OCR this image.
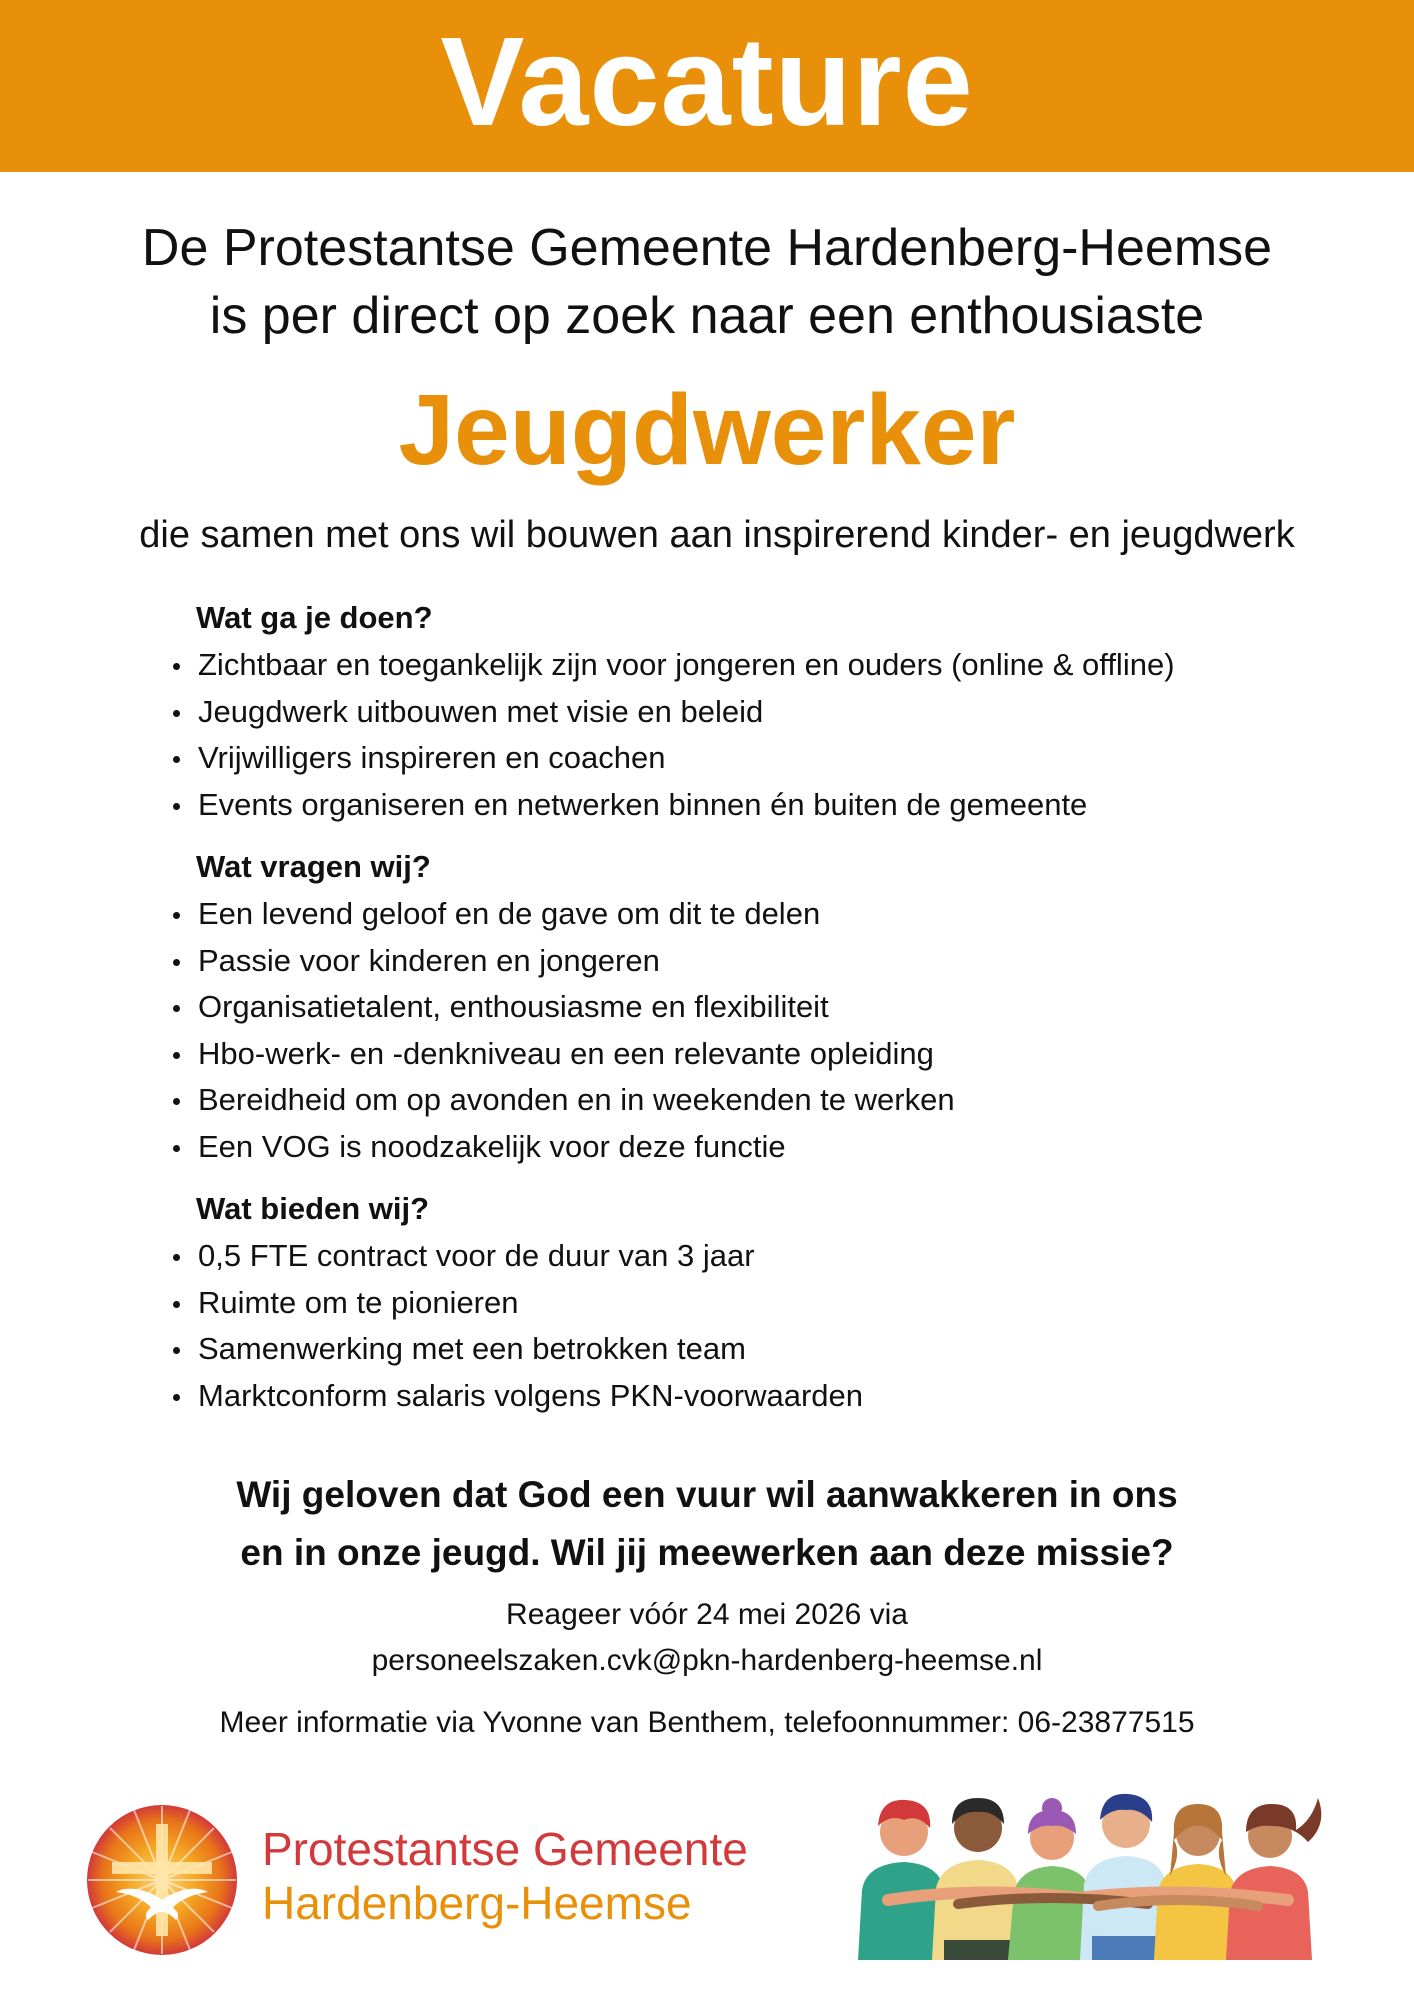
Vacature
De Protestantse Gemeente Hardenberg-Heemse
is per direct op zoek naar een enthousiaste
Jeugdwerker
die samen met ons wil bouwen aan inspirerend kinder- en jeugdwerk
Wat ga je doen?
Zichtbaar en toegankelijk zijn voor jongeren en ouders (online & offline)
Jeugdwerk uitbouwen met visie en beleid
Vrijwilligers inspireren en coachen
Events organiseren en netwerken binnen én buiten de gemeente
Wat vragen wij?
Een levend geloof en de gave om dit te delen
Passie voor kinderen en jongeren
Organisatietalent, enthousiasme en flexibiliteit
Hbo-werk- en -denkniveau en een relevante opleiding
Bereidheid om op avonden en in weekenden te werken
Een VOG is noodzakelijk voor deze functie
Wat bieden wij?
0,5 FTE contract voor de duur van 3 jaar
Ruimte om te pionieren
Samenwerking met een betrokken team
Marktconform salaris volgens PKN-voorwaarden
Wij geloven dat God een vuur wil aanwakkeren in ons
en in onze jeugd. Wil jij meewerken aan deze missie?
Reageer vóór 24 mei 2026 via
personeelszaken.cvk@pkn-hardenberg-heemse.nl
Meer informatie via Yvonne van Benthem, telefoonnummer: 06-23877515
Protestantse Gemeente
Hardenberg-Heemse
